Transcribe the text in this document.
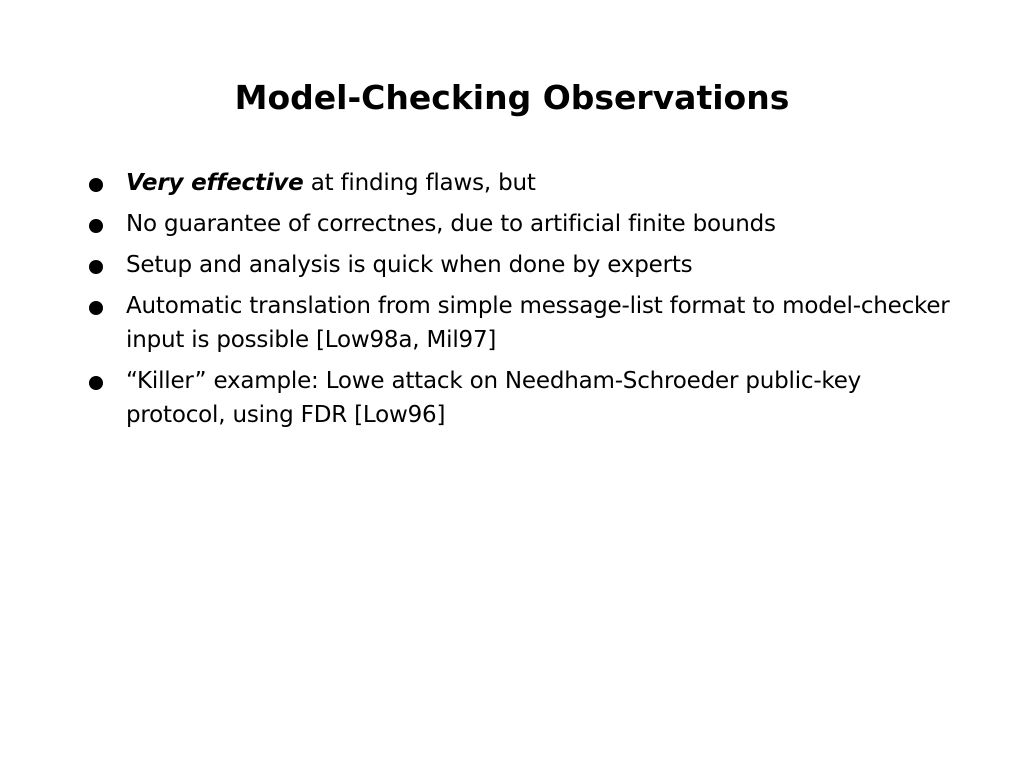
Model-Checking Observations
Very effective at finding flaws, but
No guarantee of correctnes, due to artificial finite bounds
Setup and analysis is quick when done by experts
Automatic translation from simple message-list format to model-checker input is possible [Low98a, Mil97]
“Killer” example: Lowe attack on Needham-Schroeder public-key protocol, using FDR [Low96]
